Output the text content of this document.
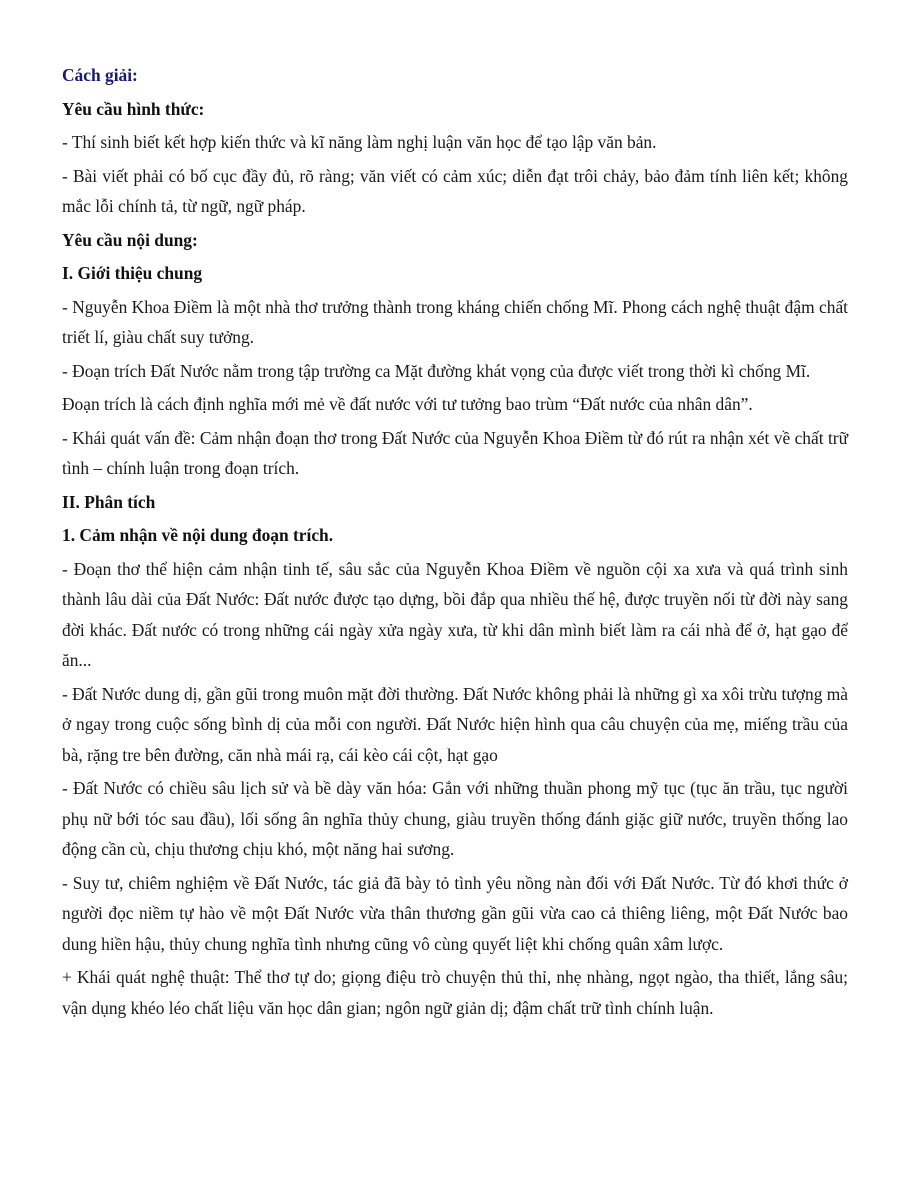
Cách giải:

Yêu cầu hình thức:

- Thí sinh biết kết hợp kiến thức và kĩ năng làm nghị luận văn học để tạo lập văn bản.

- Bài viết phải có bố cục đầy đủ, rõ ràng; văn viết có cảm xúc; diễn đạt trôi chảy, bảo đảm tính liên kết; không mắc lỗi chính tả, từ ngữ, ngữ pháp.

Yêu cầu nội dung:

I. Giới thiệu chung

- Nguyễn Khoa Điềm là một nhà thơ trưởng thành trong kháng chiến chống Mĩ. Phong cách nghệ thuật đậm chất triết lí, giàu chất suy tưởng.

- Đoạn trích Đất Nước nằm trong tập trường ca Mặt đường khát vọng của được viết trong thời kì chống Mĩ.

Đoạn trích là cách định nghĩa mới mẻ về đất nước với tư tưởng bao trùm “Đất nước của nhân dân”.

- Khái quát vấn đề: Cảm nhận đoạn thơ trong Đất Nước của Nguyễn Khoa Điềm từ đó rút ra nhận xét về chất trữ tình – chính luận trong đoạn trích.

II. Phân tích

1. Cảm nhận về nội dung đoạn trích.

- Đoạn thơ thể hiện cảm nhận tinh tế, sâu sắc của Nguyễn Khoa Điềm về nguồn cội xa xưa và quá trình sinh thành lâu dài của Đất Nước: Đất nước được tạo dựng, bồi đắp qua nhiều thế hệ, được truyền nối từ đời này sang đời khác. Đất nước có trong những cái ngày xửa ngày xưa, từ khi dân mình biết làm ra cái nhà để ở, hạt gạo để ăn...

- Đất Nước dung dị, gần gũi trong muôn mặt đời thường. Đất Nước không phải là những gì xa xôi trừu tượng mà ở ngay trong cuộc sống bình dị của mỗi con người. Đất Nước hiện hình qua câu chuyện của mẹ, miếng trầu của bà, rặng tre bên đường, căn nhà mái rạ, cái kèo cái cột, hạt gạo

- Đất Nước có chiều sâu lịch sử và bề dày văn hóa: Gắn với những thuần phong mỹ tục (tục ăn trầu, tục người phụ nữ bới tóc sau đầu), lối sống ân nghĩa thủy chung, giàu truyền thống đánh giặc giữ nước, truyền thống lao động cần cù, chịu thương chịu khó, một năng hai sương.

- Suy tư, chiêm nghiệm về Đất Nước, tác giả đã bày tỏ tình yêu nồng nàn đối với Đất Nước. Từ đó khơi thức ở người đọc niềm tự hào về một Đất Nước vừa thân thương gần gũi vừa cao cả thiêng liêng, một Đất Nước bao dung hiền hậu, thủy chung nghĩa tình nhưng cũng vô cùng quyết liệt khi chống quân xâm lược.

+ Khái quát nghệ thuật: Thể thơ tự do; giọng điệu trò chuyện thủ thỉ, nhẹ nhàng, ngọt ngào, tha thiết, lắng sâu; vận dụng khéo léo chất liệu văn học dân gian; ngôn ngữ giản dị; đậm chất trữ tình chính luận.
